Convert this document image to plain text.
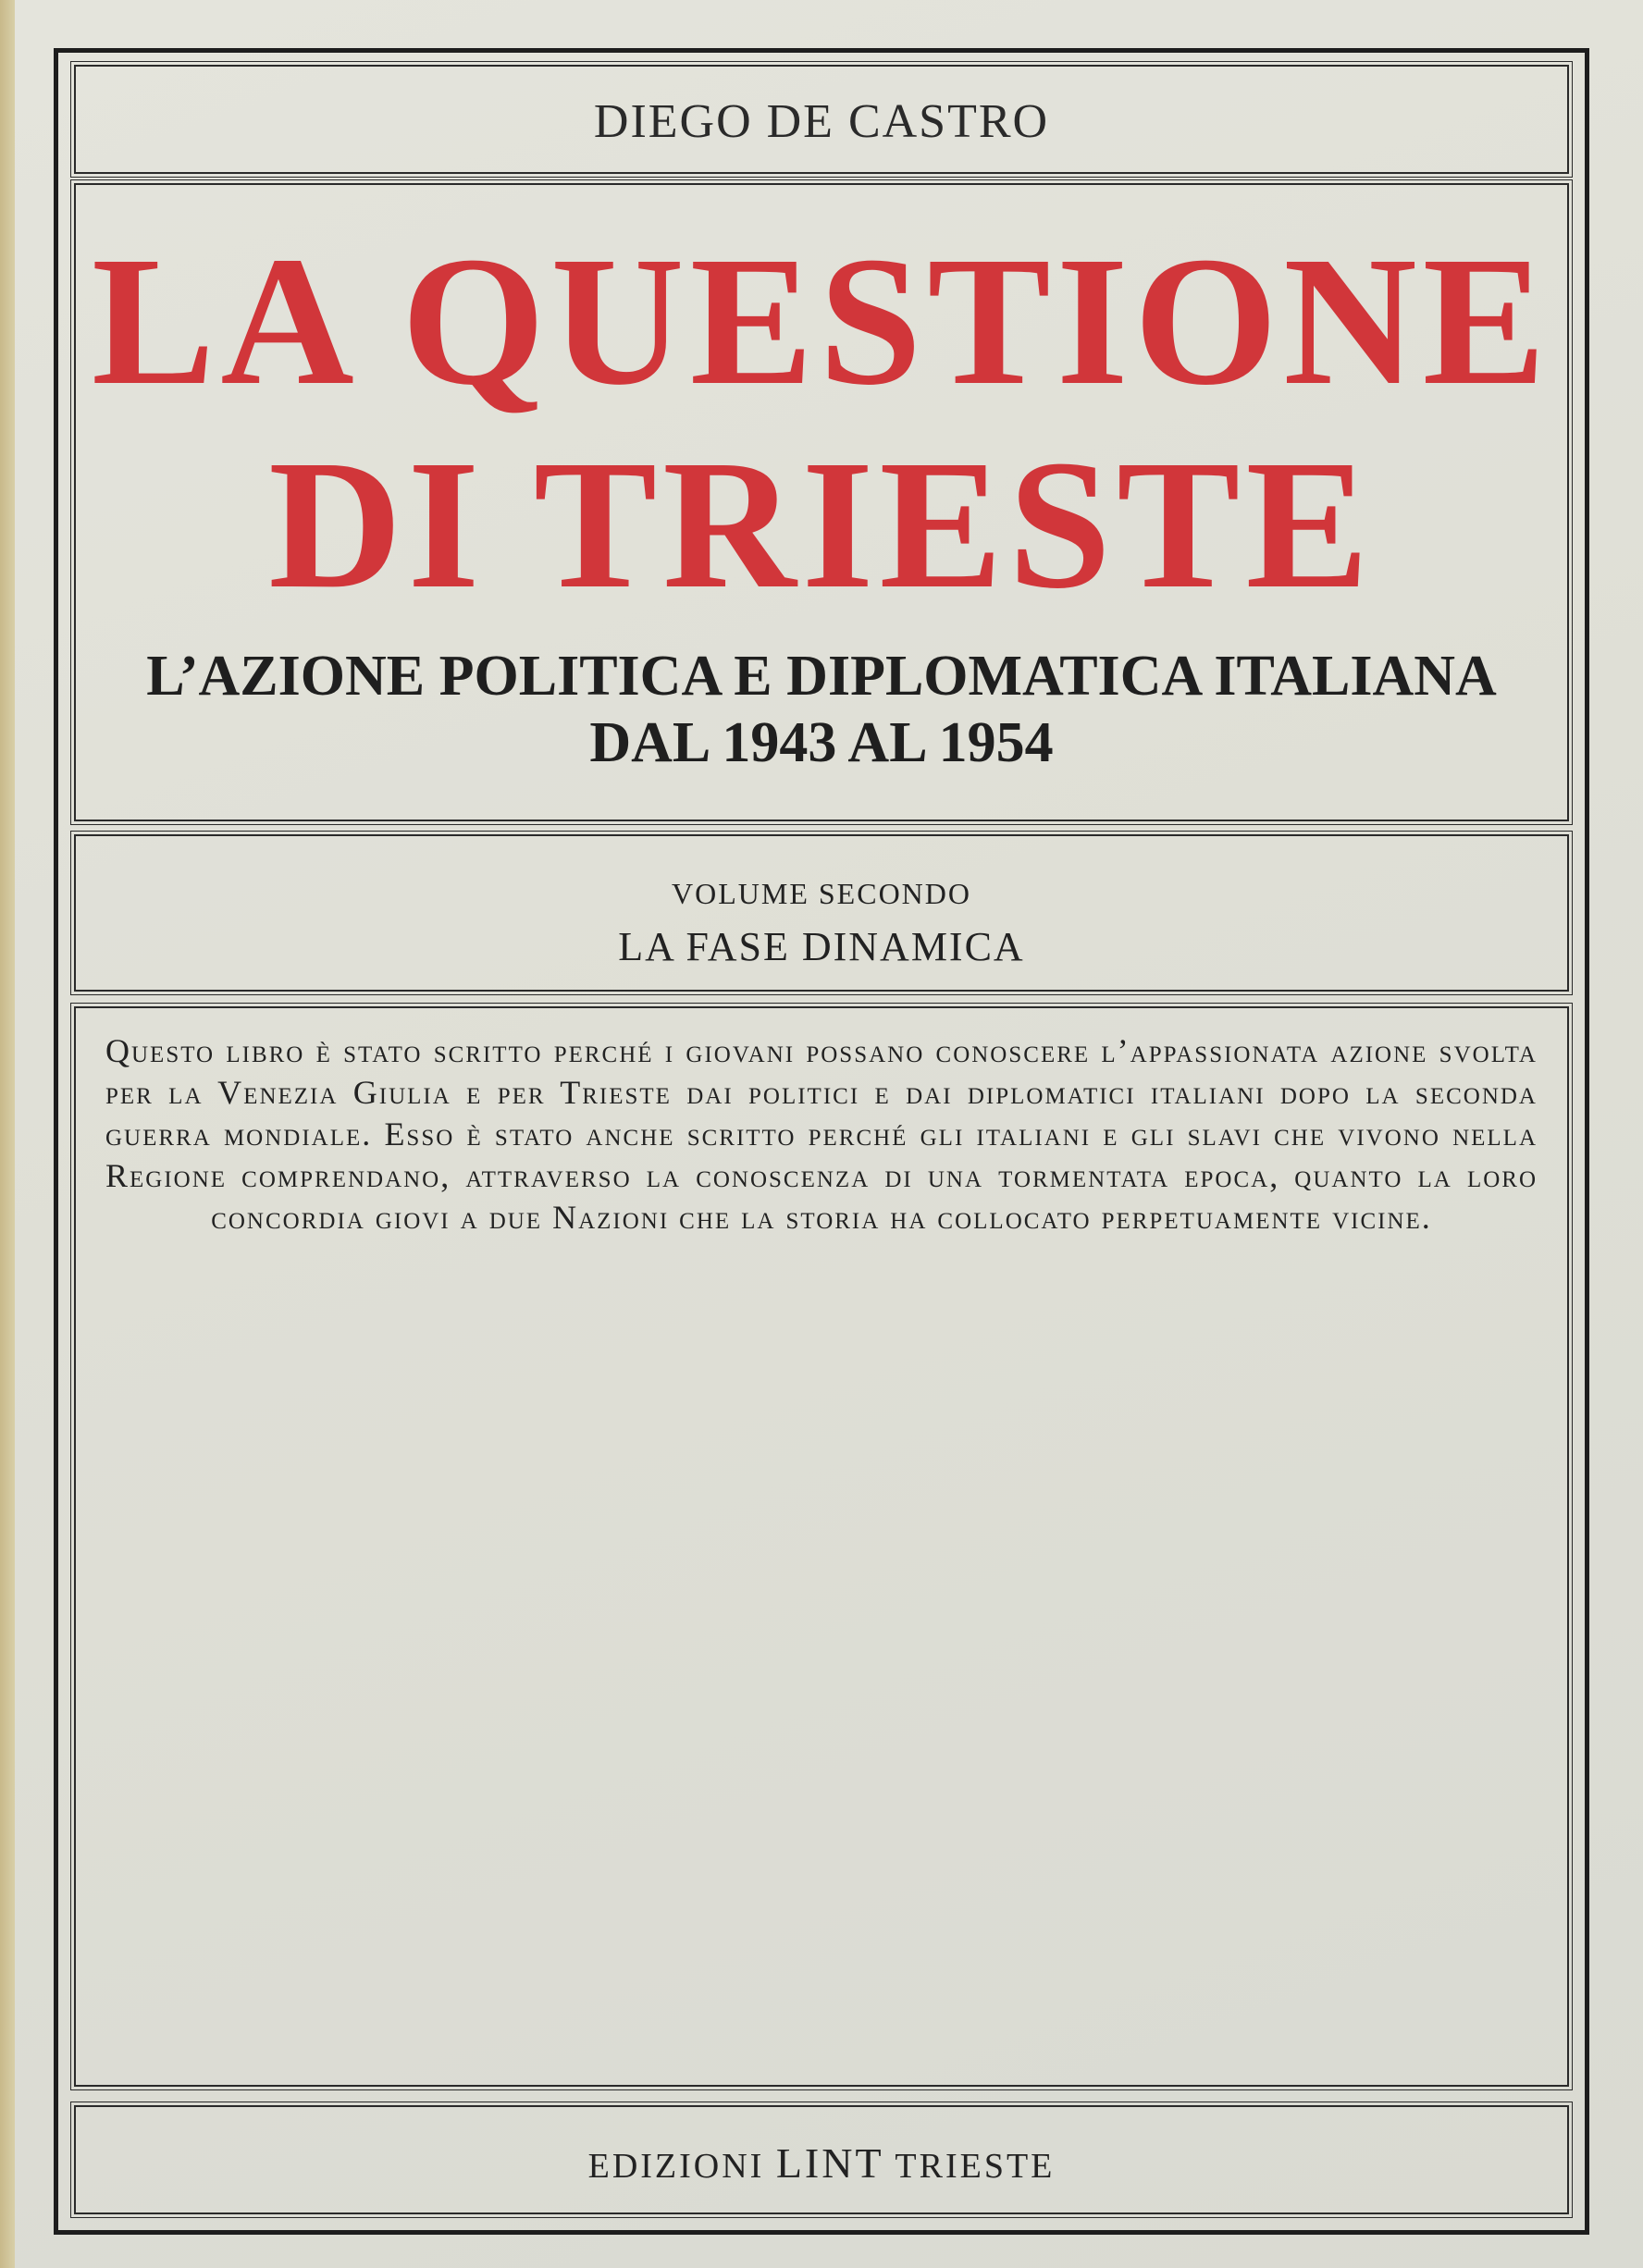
DIEGO DE CASTRO
LA QUESTIONE
DI TRIESTE
L’AZIONE POLITICA E DIPLOMATICA ITALIANA
DAL 1943 AL 1954
VOLUME SECONDO
LA FASE DINAMICA
Questo libro è stato scritto perché i giovani possano conoscere l’appassionata azione svolta per la Venezia Giulia e per Trieste dai politici e dai diplomatici italiani dopo la seconda guerra mondiale. Esso è stato anche scritto perché gli italiani e gli slavi che vivono nella Regione comprendano, attraverso la conoscenza di una tormentata epoca, quanto la loro concordia giovi a due Nazioni che la storia ha collocato perpetuamente vicine.
EDIZIONI LINT TRIESTE
